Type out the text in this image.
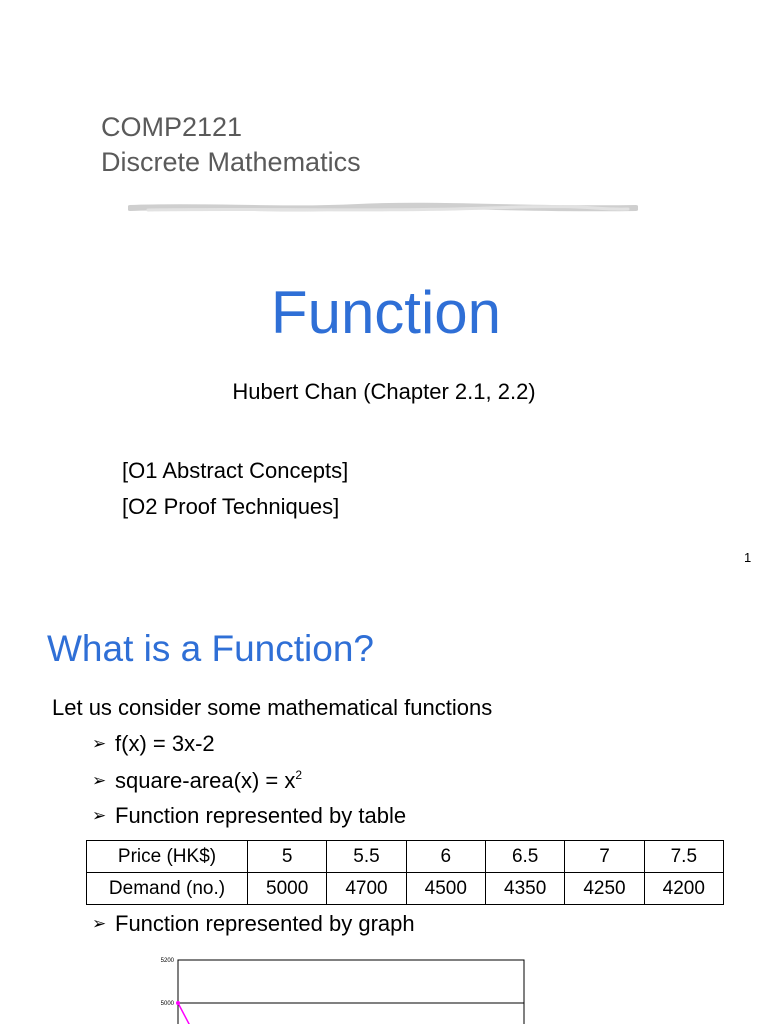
COMP2121
Discrete Mathematics
Function
Hubert Chan (Chapter 2.1, 2.2)
[O1 Abstract Concepts]
[O2 Proof Techniques]
1
What is a Function?
Let us consider some mathematical functions
➢ f(x) = 3x-2
➢ square-area(x) = $x^2$
➢ Function represented by table
Price (HK$)	5	5.5	6	6.5	7	7.5
Demand (no.)	5000	4700	4500	4350	4250	4200
➢ Function represented by graph
5200
5000
